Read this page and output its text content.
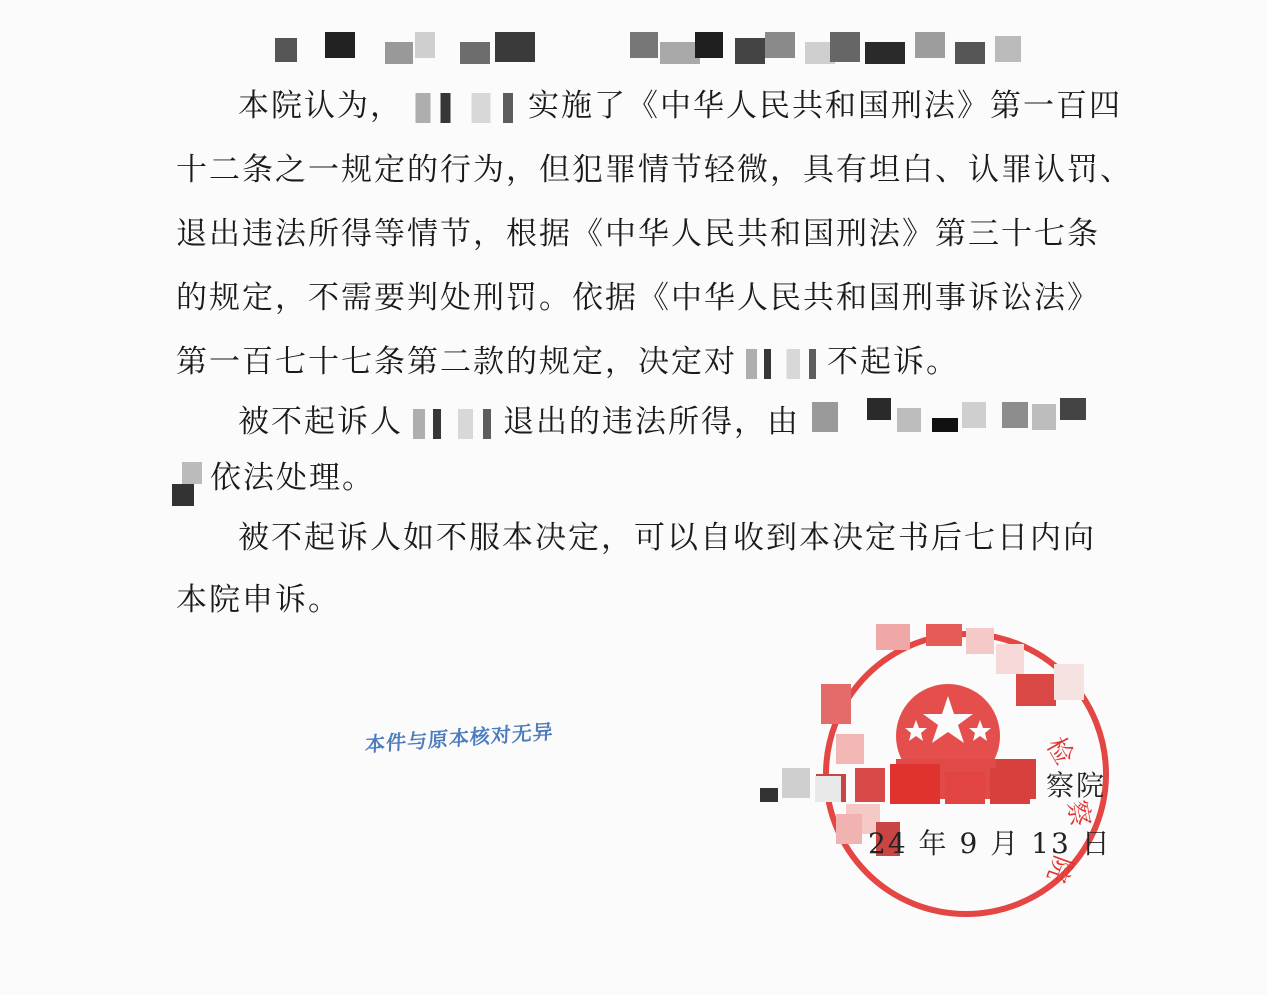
本院认为，	实施了《中华人民共和国刑法》第一百四
十二条之一规定的行为，但犯罪情节轻微，具有坦白、认罪认罚、
退出违法所得等情节，根据《中华人民共和国刑法》第三十七条
的规定，不需要判处刑罚。依据《中华人民共和国刑事诉讼法》
第一百七十七条第二款的规定，决定对	不起诉。
被不起诉人	退出的违法所得，由
依法处理。
被不起诉人如不服本决定，可以自收到本决定书后七日内向
本院申诉。
本件与原本核对无异	检
察
院
察院
24 年 9 月 13 日
